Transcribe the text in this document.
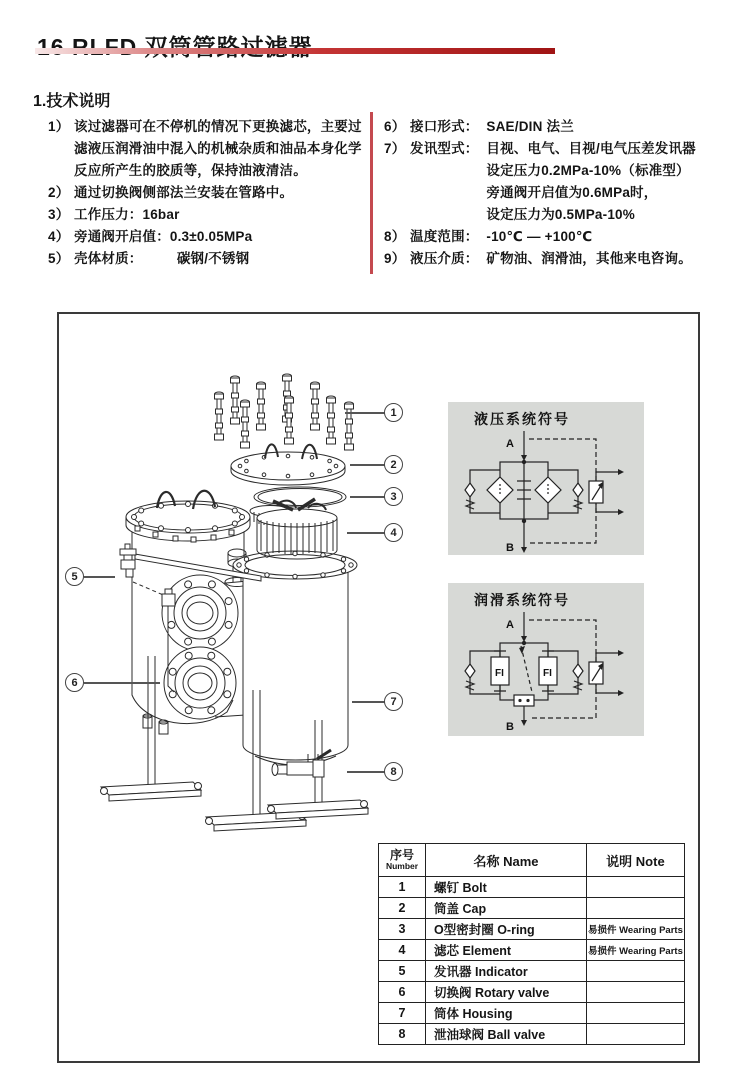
1.技术说明
1） 该过滤器可在不停机的情况下更换滤芯，主要过
滤液压润滑油中混入的机械杂质和油品本身化学
反应所产生的胶质等，保持油液清洁。
2） 通过切换阀侧部法兰安装在管路中。
3） 工作压力：16bar
4） 旁通阀开启值：0.3±0.05MPa
5） 壳体材质：　　　碳钢/不锈钢
6） 接口形式：  SAE/DIN 法兰
7） 发讯型式：  目视、电气、目视/电气压差发讯器
　　　　　  设定压力0.2MPa-10%（标准型）
　　　　　  旁通阀开启值为0.6MPa时，
　　　　　  设定压力为0.5MPa-10%
8） 温度范围：  -10℃ — +100℃
9） 液压介质：  矿物油、润滑油，其他来电咨询。
液压系统符号
A
B
润滑系统符号
A
FI	FI
B
序号
Number	名称 Name	说明 Note
1	螺钉 Bolt	
2	筒盖 Cap	
3	O型密封圈 O-ring	易损件 Wearing Parts
4	滤芯 Element	易损件 Wearing Parts
5	发讯器 Indicator	
6	切换阀 Rotary valve	
7	筒体 Housing	
8	泄油球阀 Ball valve	
1
2
3
4
5
6
7
8
